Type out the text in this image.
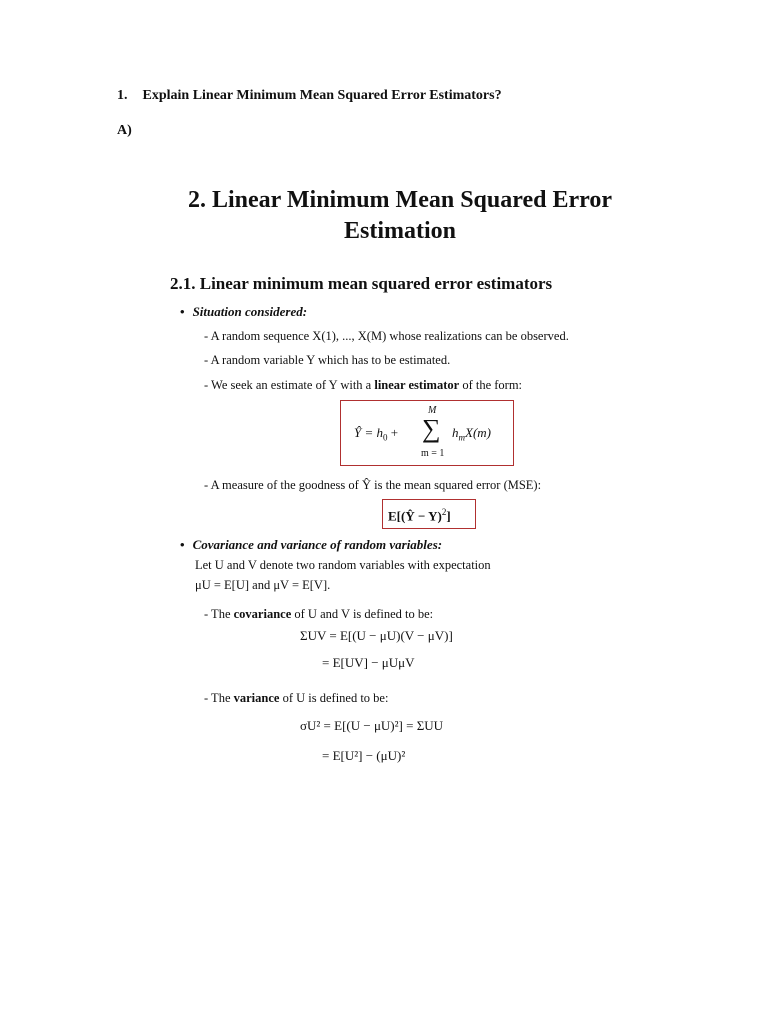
1. Explain Linear Minimum Mean Squared Error Estimators?
A)
2. Linear Minimum Mean Squared Error
Estimation
2.1. Linear minimum mean squared error estimators
• Situation considered:
- A random sequence X(1), ..., X(M) whose realizations can be observed.
- A random variable Y which has to be estimated.
- We seek an estimate of Y with a linear estimator of the form:
Ŷ = $h_0$ +
M
∑
m = 1
$h_mX(m)$
- A measure of the goodness of Ŷ is the mean squared error (MSE):
E[(Ŷ − Y)$^2$]
• Covariance and variance of random variables:
Let U and V denote two random variables with expectation
μU = E[U] and μV = E[V].
- The covariance of U and V is defined to be:
ΣUV = E[(U − μU)(V − μV)]
= E[UV] − μUμV
- The variance of U is defined to be:
σU² = E[(U − μU)²] = ΣUU
= E[U²] − (μU)²
